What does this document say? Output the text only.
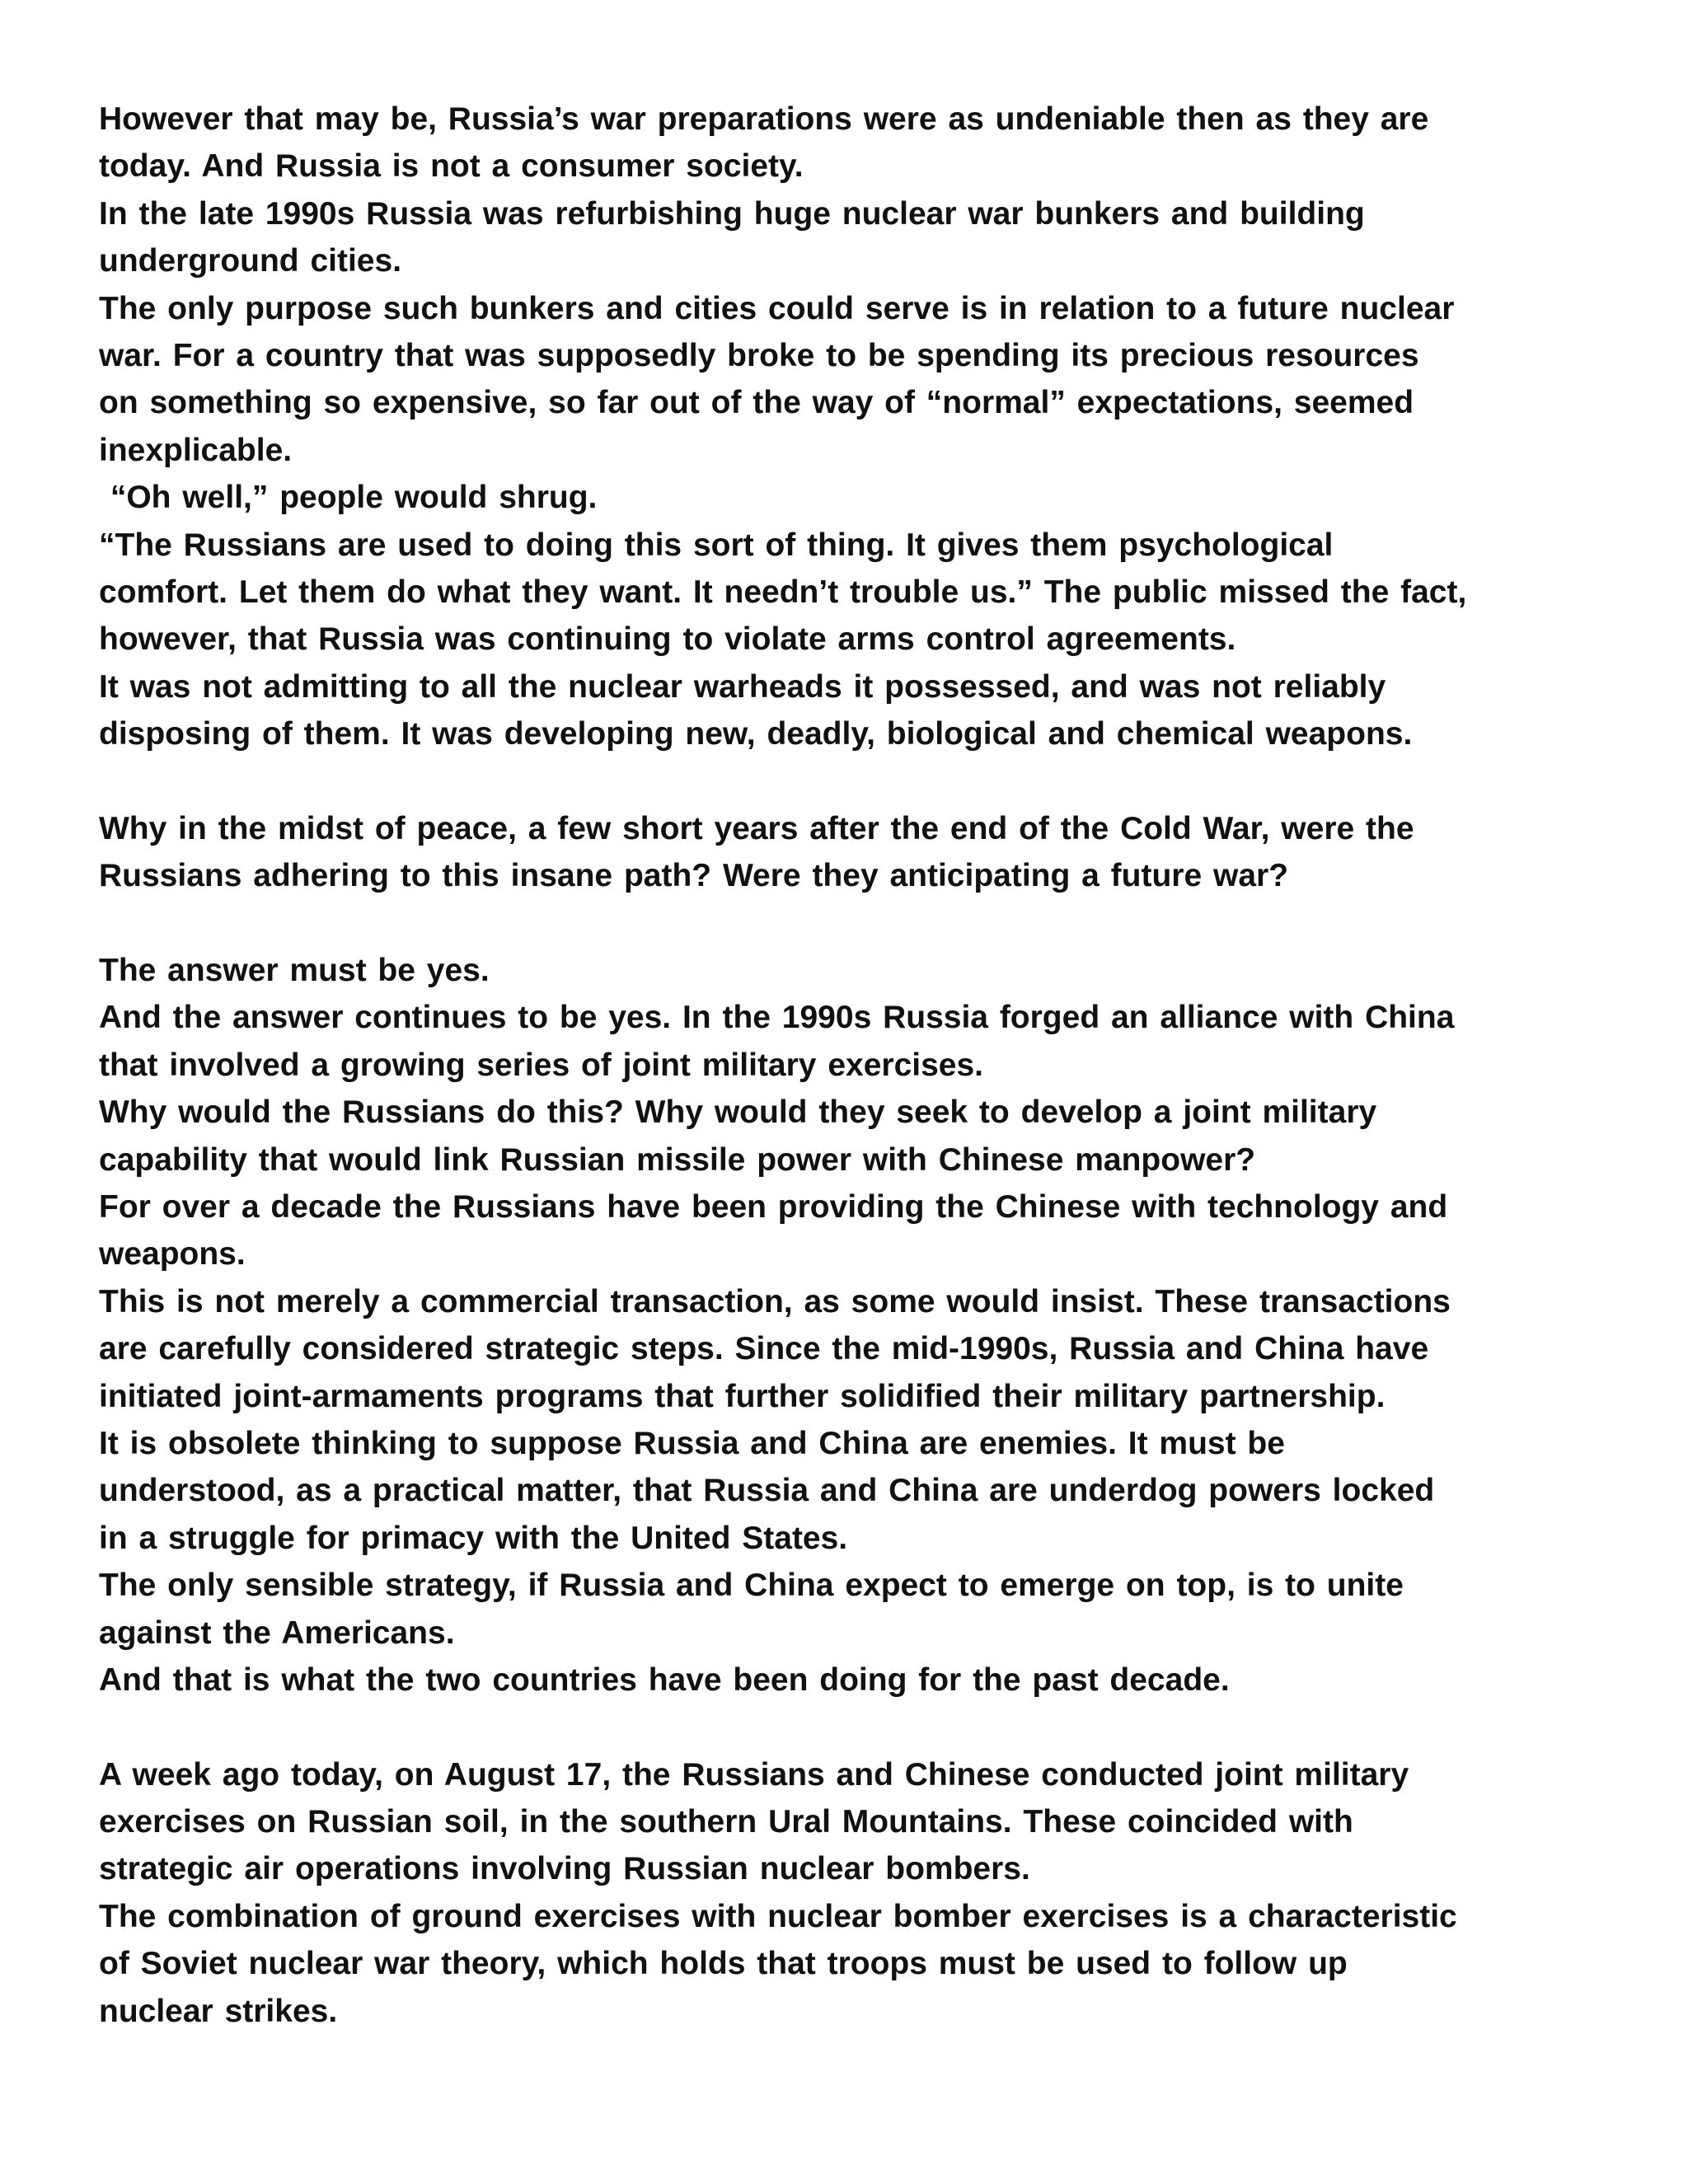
However that may be, Russia’s war preparations were as undeniable then as they are
today. And Russia is not a consumer society.
In the late 1990s Russia was refurbishing huge nuclear war bunkers and building
underground cities.
The only purpose such bunkers and cities could serve is in relation to a future nuclear
war. For a country that was supposedly broke to be spending its precious resources
on something so expensive, so far out of the way of “normal” expectations, seemed
inexplicable.
“Oh well,” people would shrug.
“The Russians are used to doing this sort of thing. It gives them psychological
comfort. Let them do what they want. It needn’t trouble us.” The public missed the fact,
however, that Russia was continuing to violate arms control agreements.
It was not admitting to all the nuclear warheads it possessed, and was not reliably
disposing of them. It was developing new, deadly, biological and chemical weapons.
Why in the midst of peace, a few short years after the end of the Cold War, were the
Russians adhering to this insane path? Were they anticipating a future war?
The answer must be yes.
And the answer continues to be yes. In the 1990s Russia forged an alliance with China
that involved a growing series of joint military exercises.
Why would the Russians do this? Why would they seek to develop a joint military
capability that would link Russian missile power with Chinese manpower?
For over a decade the Russians have been providing the Chinese with technology and
weapons.
This is not merely a commercial transaction, as some would insist. These transactions
are carefully considered strategic steps. Since the mid-1990s, Russia and China have
initiated joint-armaments programs that further solidified their military partnership.
It is obsolete thinking to suppose Russia and China are enemies. It must be
understood, as a practical matter, that Russia and China are underdog powers locked
in a struggle for primacy with the United States.
The only sensible strategy, if Russia and China expect to emerge on top, is to unite
against the Americans.
And that is what the two countries have been doing for the past decade.
A week ago today, on August 17, the Russians and Chinese conducted joint military
exercises on Russian soil, in the southern Ural Mountains. These coincided with
strategic air operations involving Russian nuclear bombers.
The combination of ground exercises with nuclear bomber exercises is a characteristic
of Soviet nuclear war theory, which holds that troops must be used to follow up
nuclear strikes.
